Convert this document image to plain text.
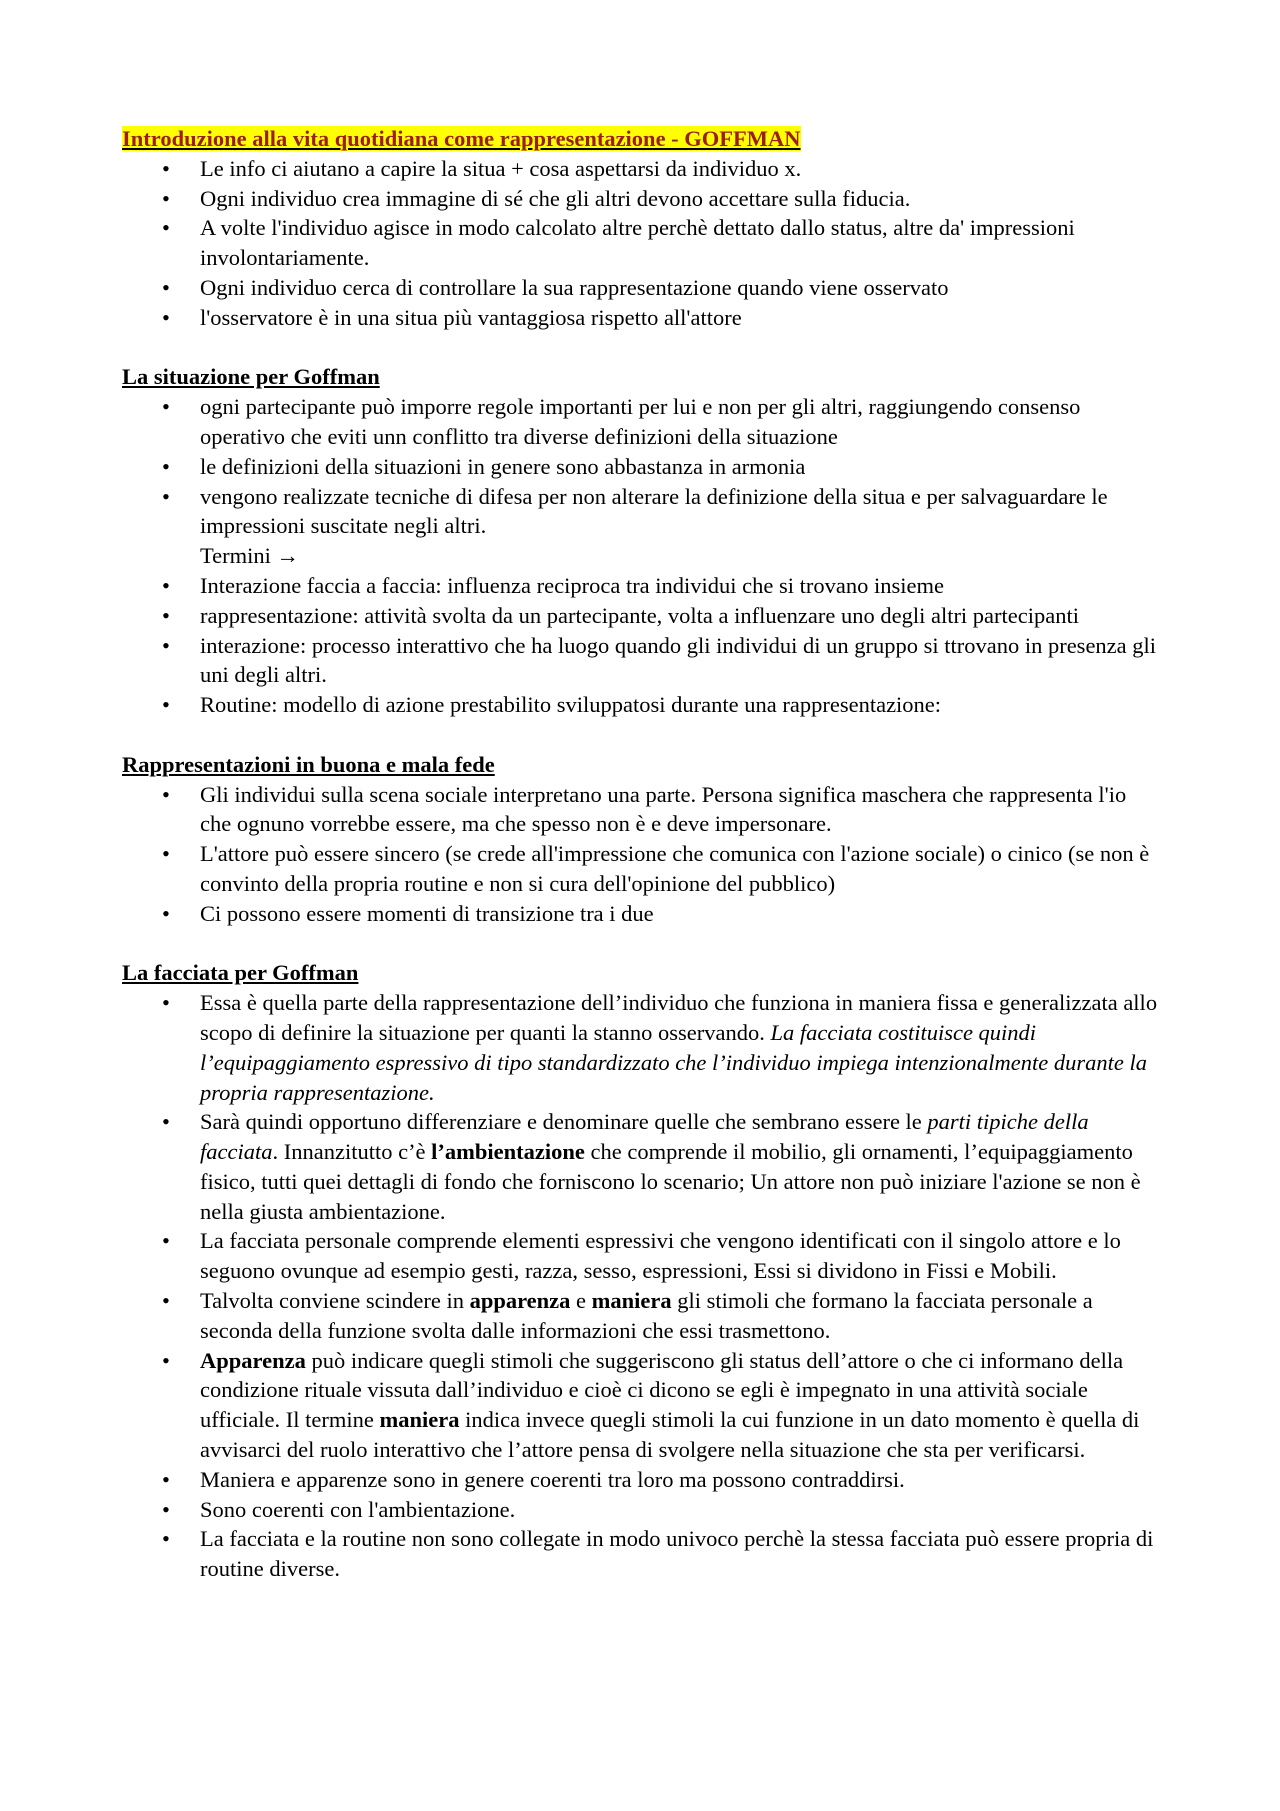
Introduzione alla vita quotidiana come rappresentazione - GOFFMAN
• Le info ci aiutano a capire la situa + cosa aspettarsi da individuo x.
• Ogni individuo crea immagine di sé che gli altri devono accettare sulla fiducia.
• A volte l'individuo agisce in modo calcolato altre perchè dettato dallo status, altre da' impressioni involontariamente.
• Ogni individuo cerca di controllare la sua rappresentazione quando viene osservato
• l'osservatore è in una situa più vantaggiosa rispetto all'attore
La situazione per Goffman
• ogni partecipante può imporre regole importanti per lui e non per gli altri, raggiungendo consenso operativo che eviti unn conflitto tra diverse definizioni della situazione
• le definizioni della situazioni in genere sono abbastanza in armonia
• vengono realizzate tecniche di difesa per non alterare la definizione della situa e per salvaguardare le impressioni suscitate negli altri.
Termini →
• Interazione faccia a faccia: influenza reciproca tra individui che si trovano insieme
• rappresentazione: attività svolta da un partecipante, volta a influenzare uno degli altri partecipanti
• interazione: processo interattivo che ha luogo quando gli individui di un gruppo si ttrovano in presenza gli uni degli altri.
• Routine: modello di azione prestabilito sviluppatosi durante una rappresentazione:
Rappresentazioni in buona e mala fede
• Gli individui sulla scena sociale interpretano una parte. Persona significa maschera che rappresenta l'io che ognuno vorrebbe essere, ma che spesso non è e deve impersonare.
• L'attore può essere sincero (se crede all'impressione che comunica con l'azione sociale) o cinico (se non è convinto della propria routine e non si cura dell'opinione del pubblico)
• Ci possono essere momenti di transizione tra i due
La facciata per Goffman
• Essa è quella parte della rappresentazione dell’individuo che funziona in maniera fissa e generalizzata allo scopo di definire la situazione per quanti la stanno osservando. La facciata costituisce quindi l’equipaggiamento espressivo di tipo standardizzato che l’individuo impiega intenzionalmente durante la propria rappresentazione.
• Sarà quindi opportuno differenziare e denominare quelle che sembrano essere le parti tipiche della facciata. Innanzitutto c’è l’ambientazione che comprende il mobilio, gli ornamenti, l’equipaggiamento fisico, tutti quei dettagli di fondo che forniscono lo scenario; Un attore non può iniziare l'azione se non è nella giusta ambientazione.
• La facciata personale comprende elementi espressivi che vengono identificati con il singolo attore e lo seguono ovunque ad esempio gesti, razza, sesso, espressioni, Essi si dividono in Fissi e Mobili.
• Talvolta conviene scindere in apparenza e maniera gli stimoli che formano la facciata personale a seconda della funzione svolta dalle informazioni che essi trasmettono.
• Apparenza può indicare quegli stimoli che suggeriscono gli status dell’attore o che ci informano della condizione rituale vissuta dall’individuo e cioè ci dicono se egli è impegnato in una attività sociale ufficiale. Il termine maniera indica invece quegli stimoli la cui funzione in un dato momento è quella di avvisarci del ruolo interattivo che l’attore pensa di svolgere nella situazione che sta per verificarsi.
• Maniera e apparenze sono in genere coerenti tra loro ma possono contraddirsi.
• Sono coerenti con l'ambientazione.
• La facciata e la routine non sono collegate in modo univoco perchè la stessa facciata può essere propria di routine diverse.
